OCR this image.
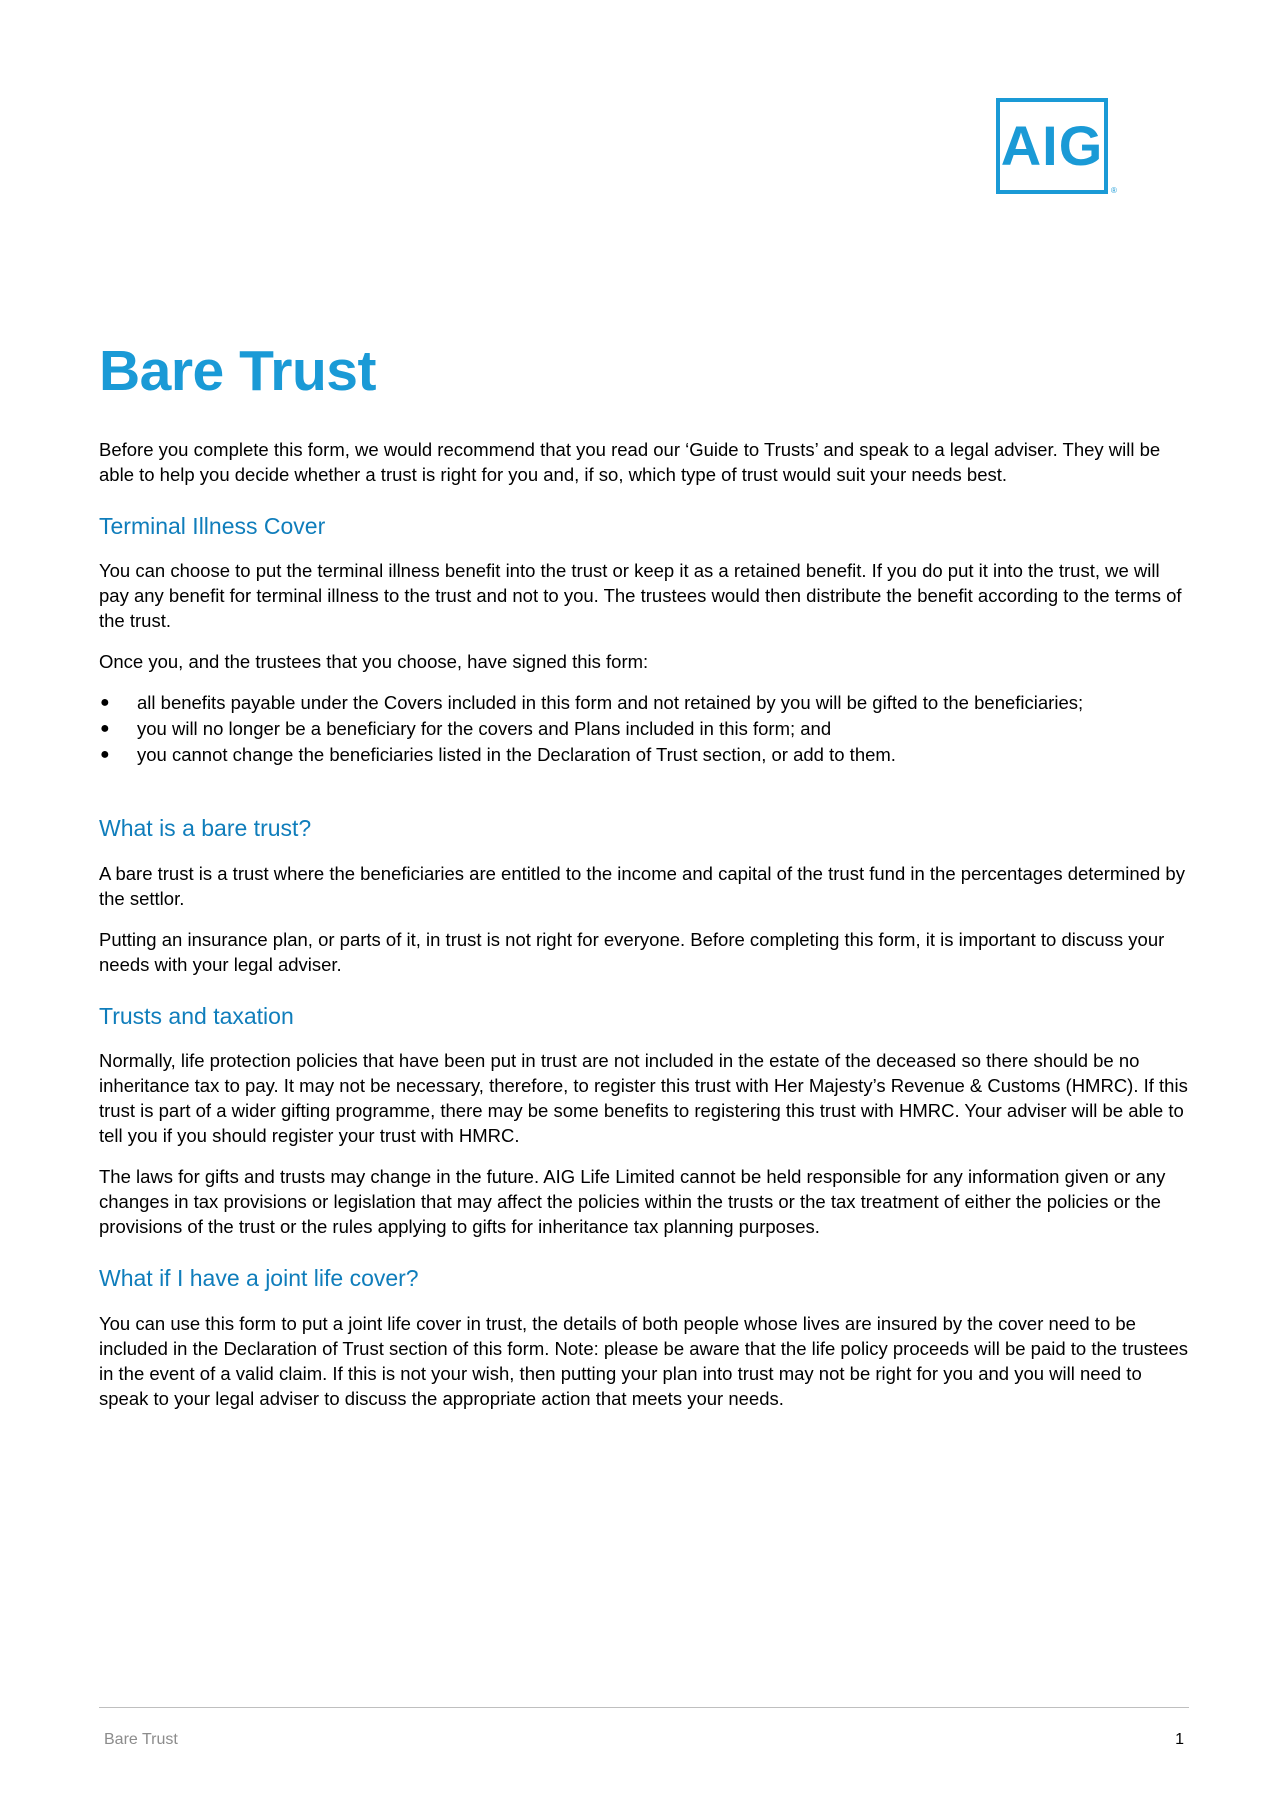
AIG
®
Bare Trust

Before you complete this form, we would recommend that you read our ‘Guide to Trusts’ and speak to a legal adviser. They will be able to help you decide whether a trust is right for you and, if so, which type of trust would suit your needs best.

Terminal Illness Cover

You can choose to put the terminal illness benefit into the trust or keep it as a retained benefit. If you do put it into the trust, we will pay any benefit for terminal illness to the trust and not to you. The trustees would then distribute the benefit according to the terms of the trust.

Once you, and the trustees that you choose, have signed this form:

● all benefits payable under the Covers included in this form and not retained by you will be gifted to the beneficiaries;
● you will no longer be a beneficiary for the covers and Plans included in this form; and
● you cannot change the beneficiaries listed in the Declaration of Trust section, or add to them.
What is a bare trust?

A bare trust is a trust where the beneficiaries are entitled to the income and capital of the trust fund in the percentages determined by the settlor.

Putting an insurance plan, or parts of it, in trust is not right for everyone. Before completing this form, it is important to discuss your needs with your legal adviser.

Trusts and taxation

Normally, life protection policies that have been put in trust are not included in the estate of the deceased so there should be no inheritance tax to pay. It may not be necessary, therefore, to register this trust with Her Majesty’s Revenue & Customs (HMRC). If this trust is part of a wider gifting programme, there may be some benefits to registering this trust with HMRC. Your adviser will be able to tell you if you should register your trust with HMRC.

The laws for gifts and trusts may change in the future. AIG Life Limited cannot be held responsible for any information given or any changes in tax provisions or legislation that may affect the policies within the trusts or the tax treatment of either the policies or the provisions of the trust or the rules applying to gifts for inheritance tax planning purposes.

What if I have a joint life cover?

You can use this form to put a joint life cover in trust, the details of both people whose lives are insured by the cover need to be included in the Declaration of Trust section of this form. Note: please be aware that the life policy proceeds will be paid to the trustees in the event of a valid claim. If this is not your wish, then putting your plan into trust may not be right for you and you will need to speak to your legal adviser to discuss the appropriate action that meets your needs.

Bare Trust	1
